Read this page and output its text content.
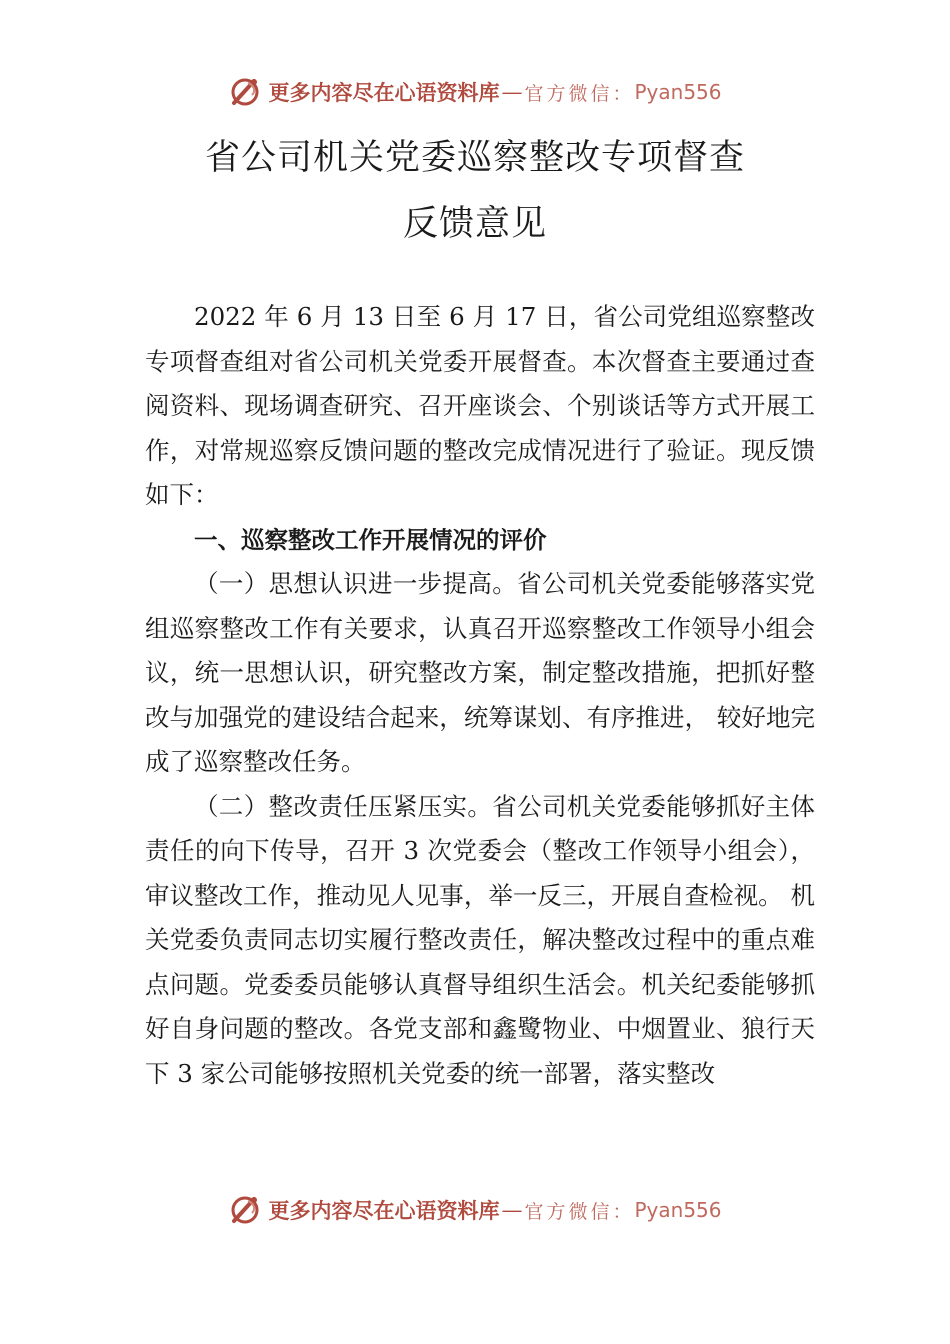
更多内容尽在心语资料库 — 官方微信： Pyan556
省公司机关党委巡察整改专项督查
反馈意见

2022 年 6 月 13 日至 6 月 17 日，省公司党组巡察整改专项督查组对省公司机关党委开展督查。本次督查主要通过查阅资料、现场调查研究、召开座谈会、个别谈话等方式开展工作，对常规巡察反馈问题的整改完成情况进行了验证。现反馈如下：

一、巡察整改工作开展情况的评价

（一）思想认识进一步提高。省公司机关党委能够落实党组巡察整改工作有关要求，认真召开巡察整改工作领导小组会议，统一思想认识，研究整改方案，制定整改措施，把抓好整改与加强党的建设结合起来，统筹谋划、有序推进， 较好地完成了巡察整改任务。

（二）整改责任压紧压实。省公司机关党委能够抓好主体责任的向下传导，召开 3 次党委会（整改工作领导小组会），审议整改工作，推动见人见事，举一反三，开展自查检视。 机关党委负责同志切实履行整改责任，解决整改过程中的重点难点问题。党委委员能够认真督导组织生活会。机关纪委能够抓好自身问题的整改。各党支部和鑫鹭物业、中烟置业、狼行天下 3 家公司能够按照机关党委的统一部署，落实整改

更多内容尽在心语资料库 — 官方微信： Pyan556
